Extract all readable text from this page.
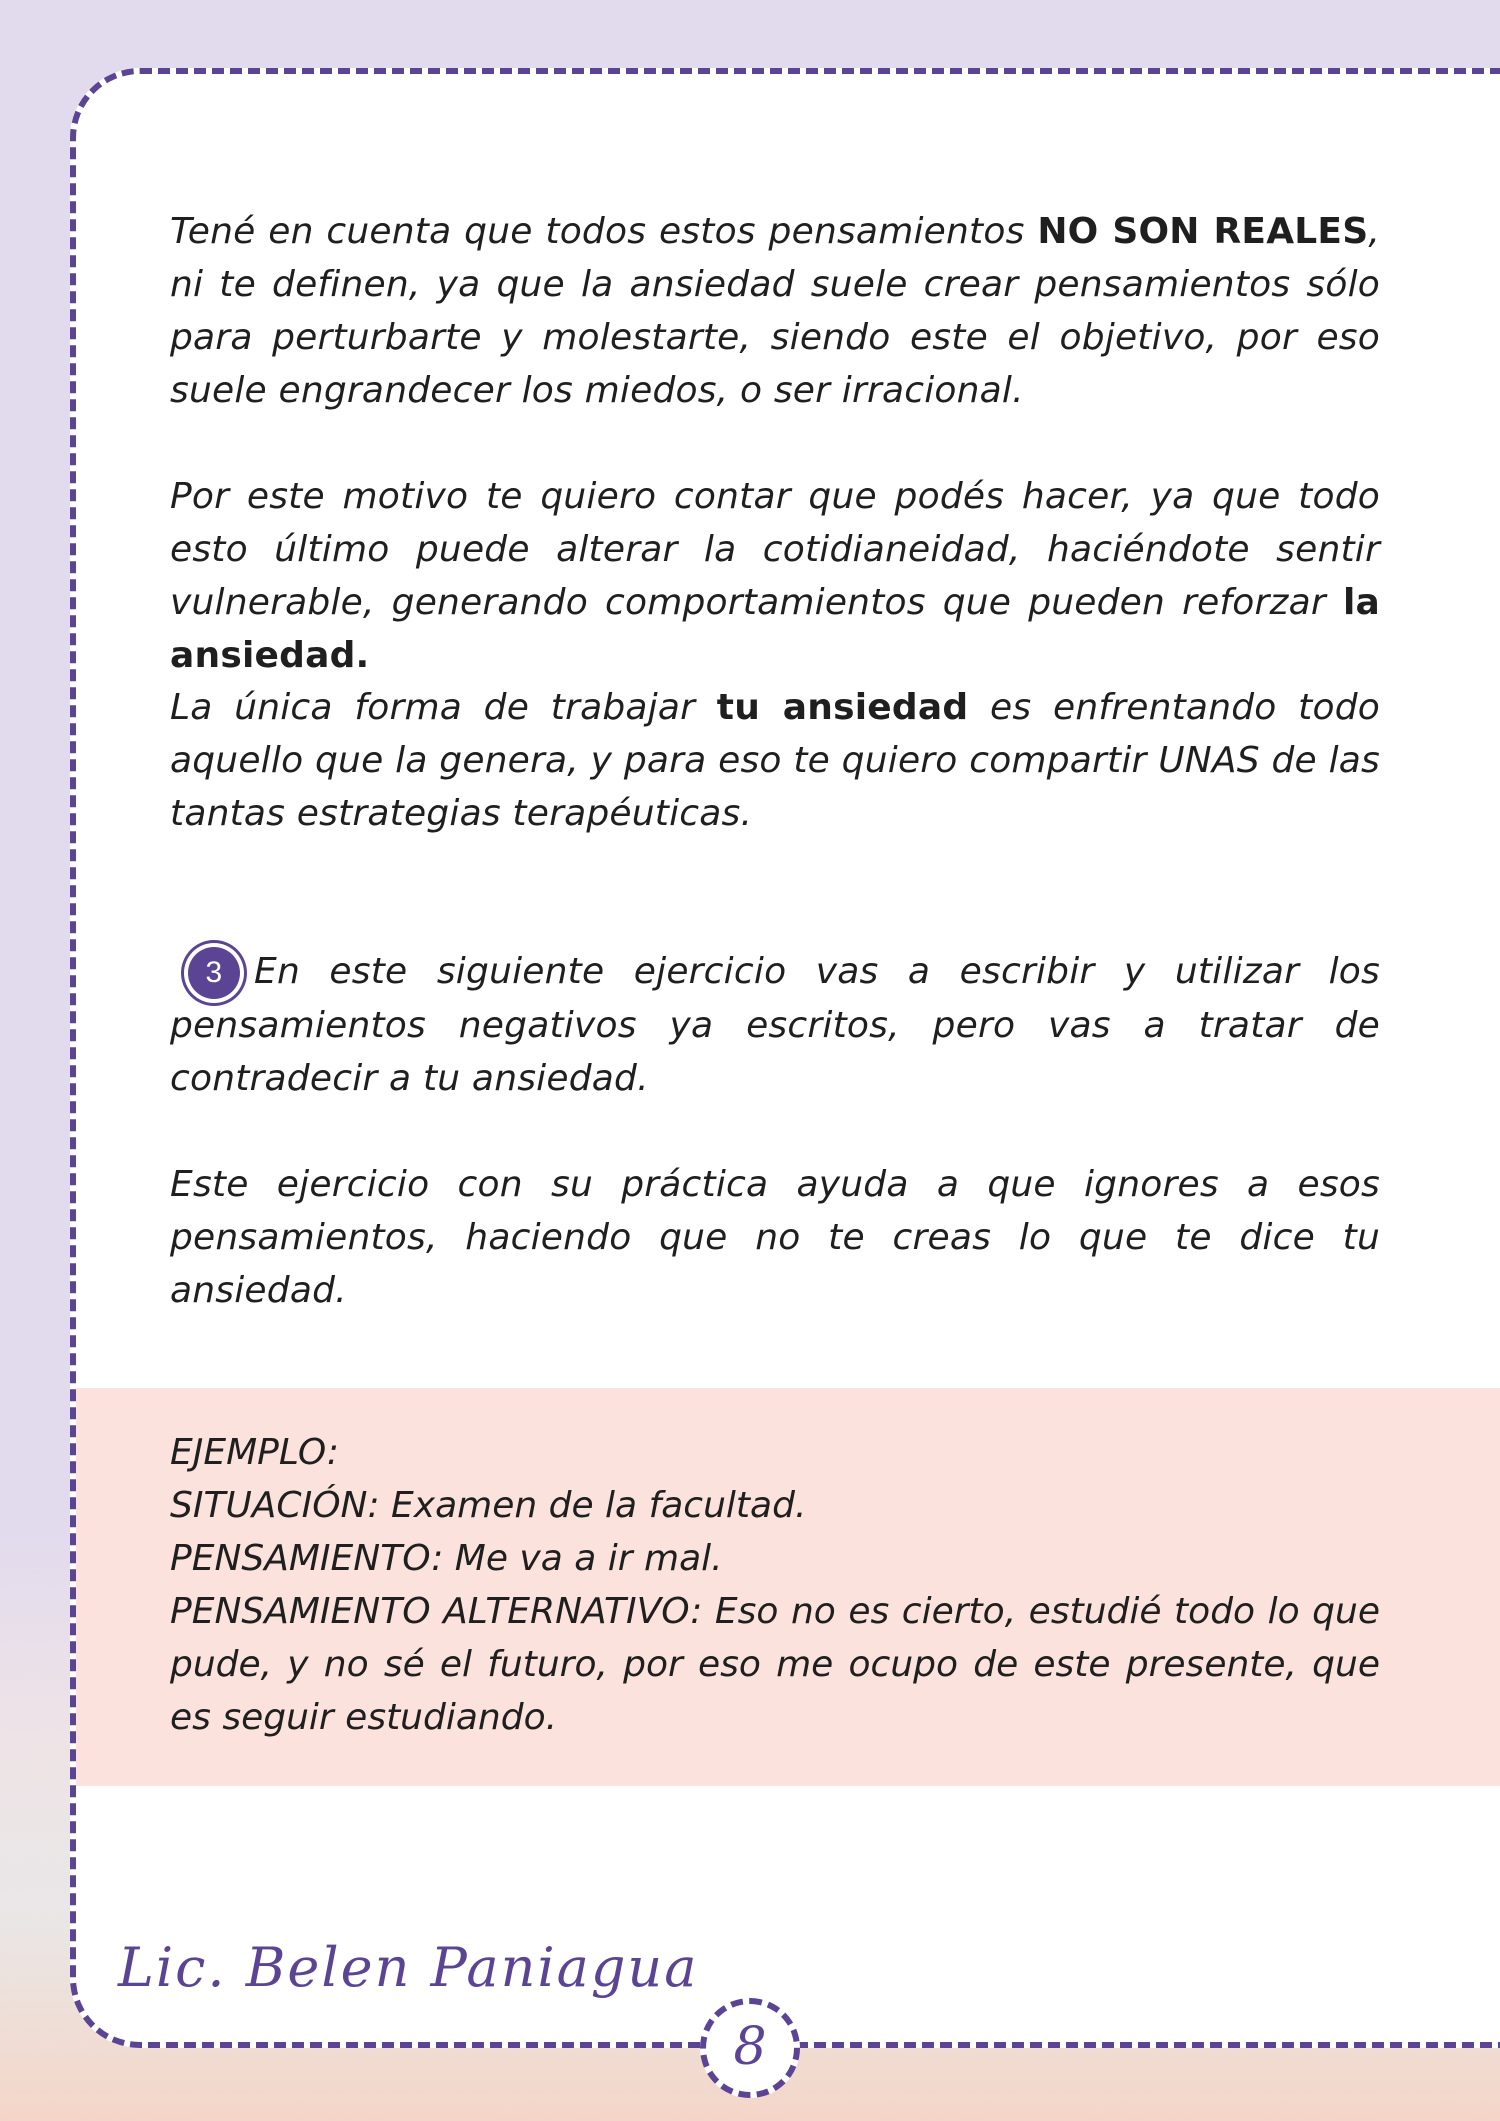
Tené en cuenta que todos estos pensamientos NO SON REALES, ni te definen, ya que la ansiedad suele crear pensamientos sólo para perturbarte y molestarte, siendo este el objetivo, por eso suele engrandecer los miedos, o ser irracional.

Por este motivo te quiero contar que podés hacer, ya que todo esto último puede alterar la cotidianeidad, haciéndote sentir vulnerable, generando comportamientos que pueden reforzar la ansiedad.

La única forma de trabajar tu ansiedad es enfrentando todo aquello que la genera, y para eso te quiero compartir UNAS de las tantas estrategias terapéuticas.

3 En este siguiente ejercicio vas a escribir y utilizar los pensamientos negativos ya escritos, pero vas a tratar de contradecir a tu ansiedad.

Este ejercicio con su práctica ayuda a que ignores a esos pensamientos, haciendo que no te creas lo que te dice tu ansiedad.

EJEMPLO:
SITUACIÓN: Examen de la facultad.
PENSAMIENTO: Me va a ir mal.
PENSAMIENTO ALTERNATIVO: Eso no es cierto, estudié todo lo que pude, y no sé el futuro, por eso me ocupo de este presente, que es seguir estudiando.
Lic. Belen Paniagua
8
